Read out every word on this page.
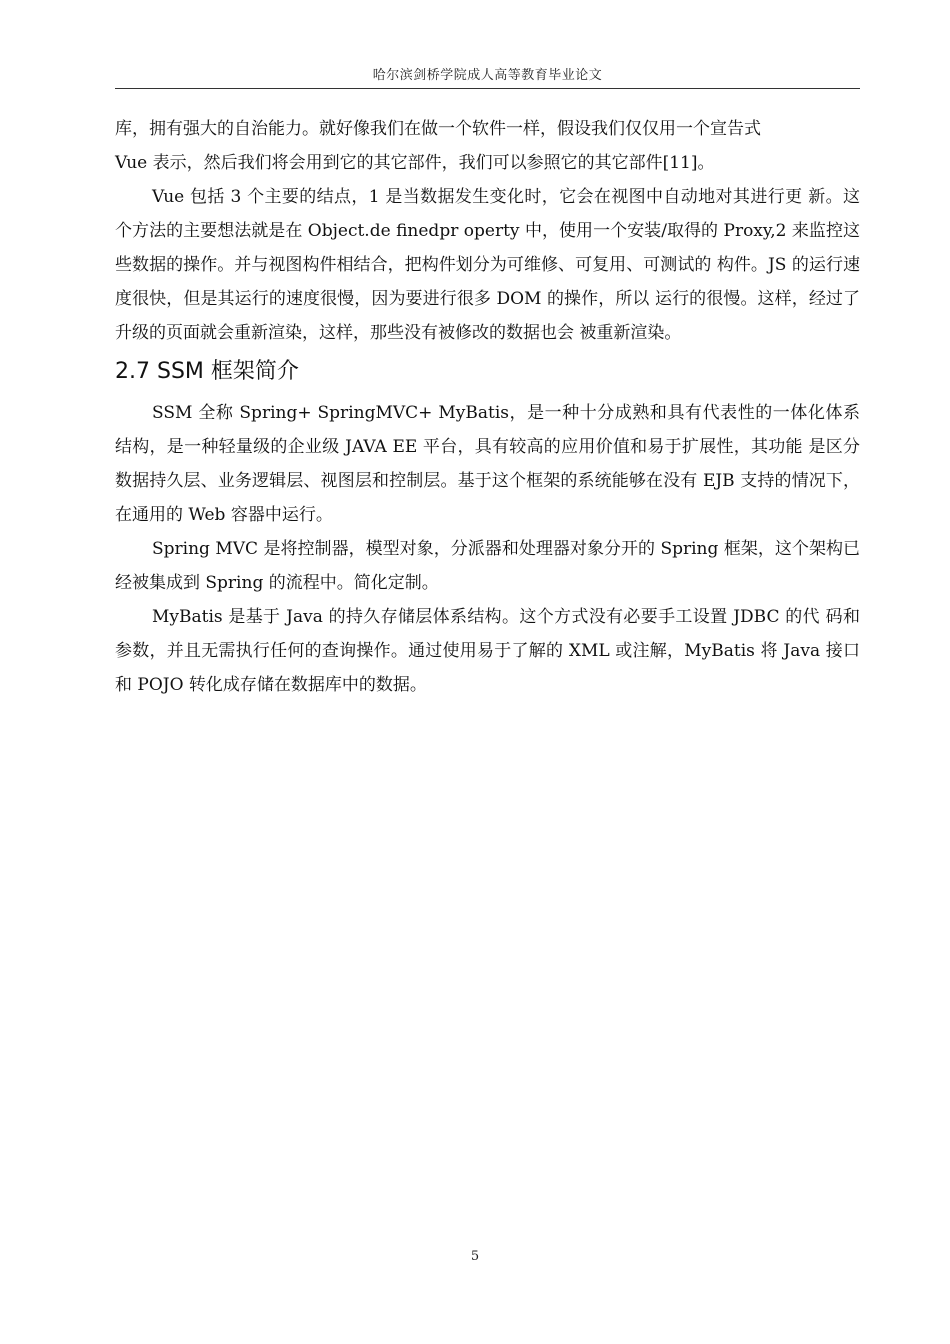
哈尔滨剑桥学院成人高等教育毕业论文

库，拥有强大的自治能力。就好像我们在做一个软件一样，假设我们仅仅用一个宣告式

Vue 表示，然后我们将会用到它的其它部件，我们可以参照它的其它部件[11]。

Vue 包括 3 个主要的结点，1 是当数据发生变化时，它会在视图中自动地对其进行更 新。这个方法的主要想法就是在 Object.de finedpr operty 中，使用一个安装/取得的 Proxy,2 来监控这些数据的操作。并与视图构件相结合，把构件划分为可维修、可复用、可测试的 构件。JS 的运行速度很快，但是其运行的速度很慢，因为要进行很多 DOM 的操作，所以 运行的很慢。这样，经过了升级的页面就会重新渲染，这样，那些没有被修改的数据也会 被重新渲染。

2.7 SSM 框架简介

SSM 全称 Spring+ SpringMVC+ MyBatis，是一种十分成熟和具有代表性的一体化体系 结构，是一种轻量级的企业级 JAVA EE 平台，具有较高的应用价值和易于扩展性，其功能 是区分数据持久层、业务逻辑层、视图层和控制层。基于这个框架的系统能够在没有 EJB 支持的情况下，在通用的 Web 容器中运行。

Spring MVC 是将控制器，模型对象，分派器和处理器对象分开的 Spring 框架，这个架构已经被集成到 Spring 的流程中。简化定制。

MyBatis 是基于 Java 的持久存储层体系结构。这个方式没有必要手工设置 JDBC 的代 码和参数，并且无需执行任何的查询操作。通过使用易于了解的 XML 或注解，MyBatis 将 Java 接口和 POJO 转化成存储在数据库中的数据。

5
